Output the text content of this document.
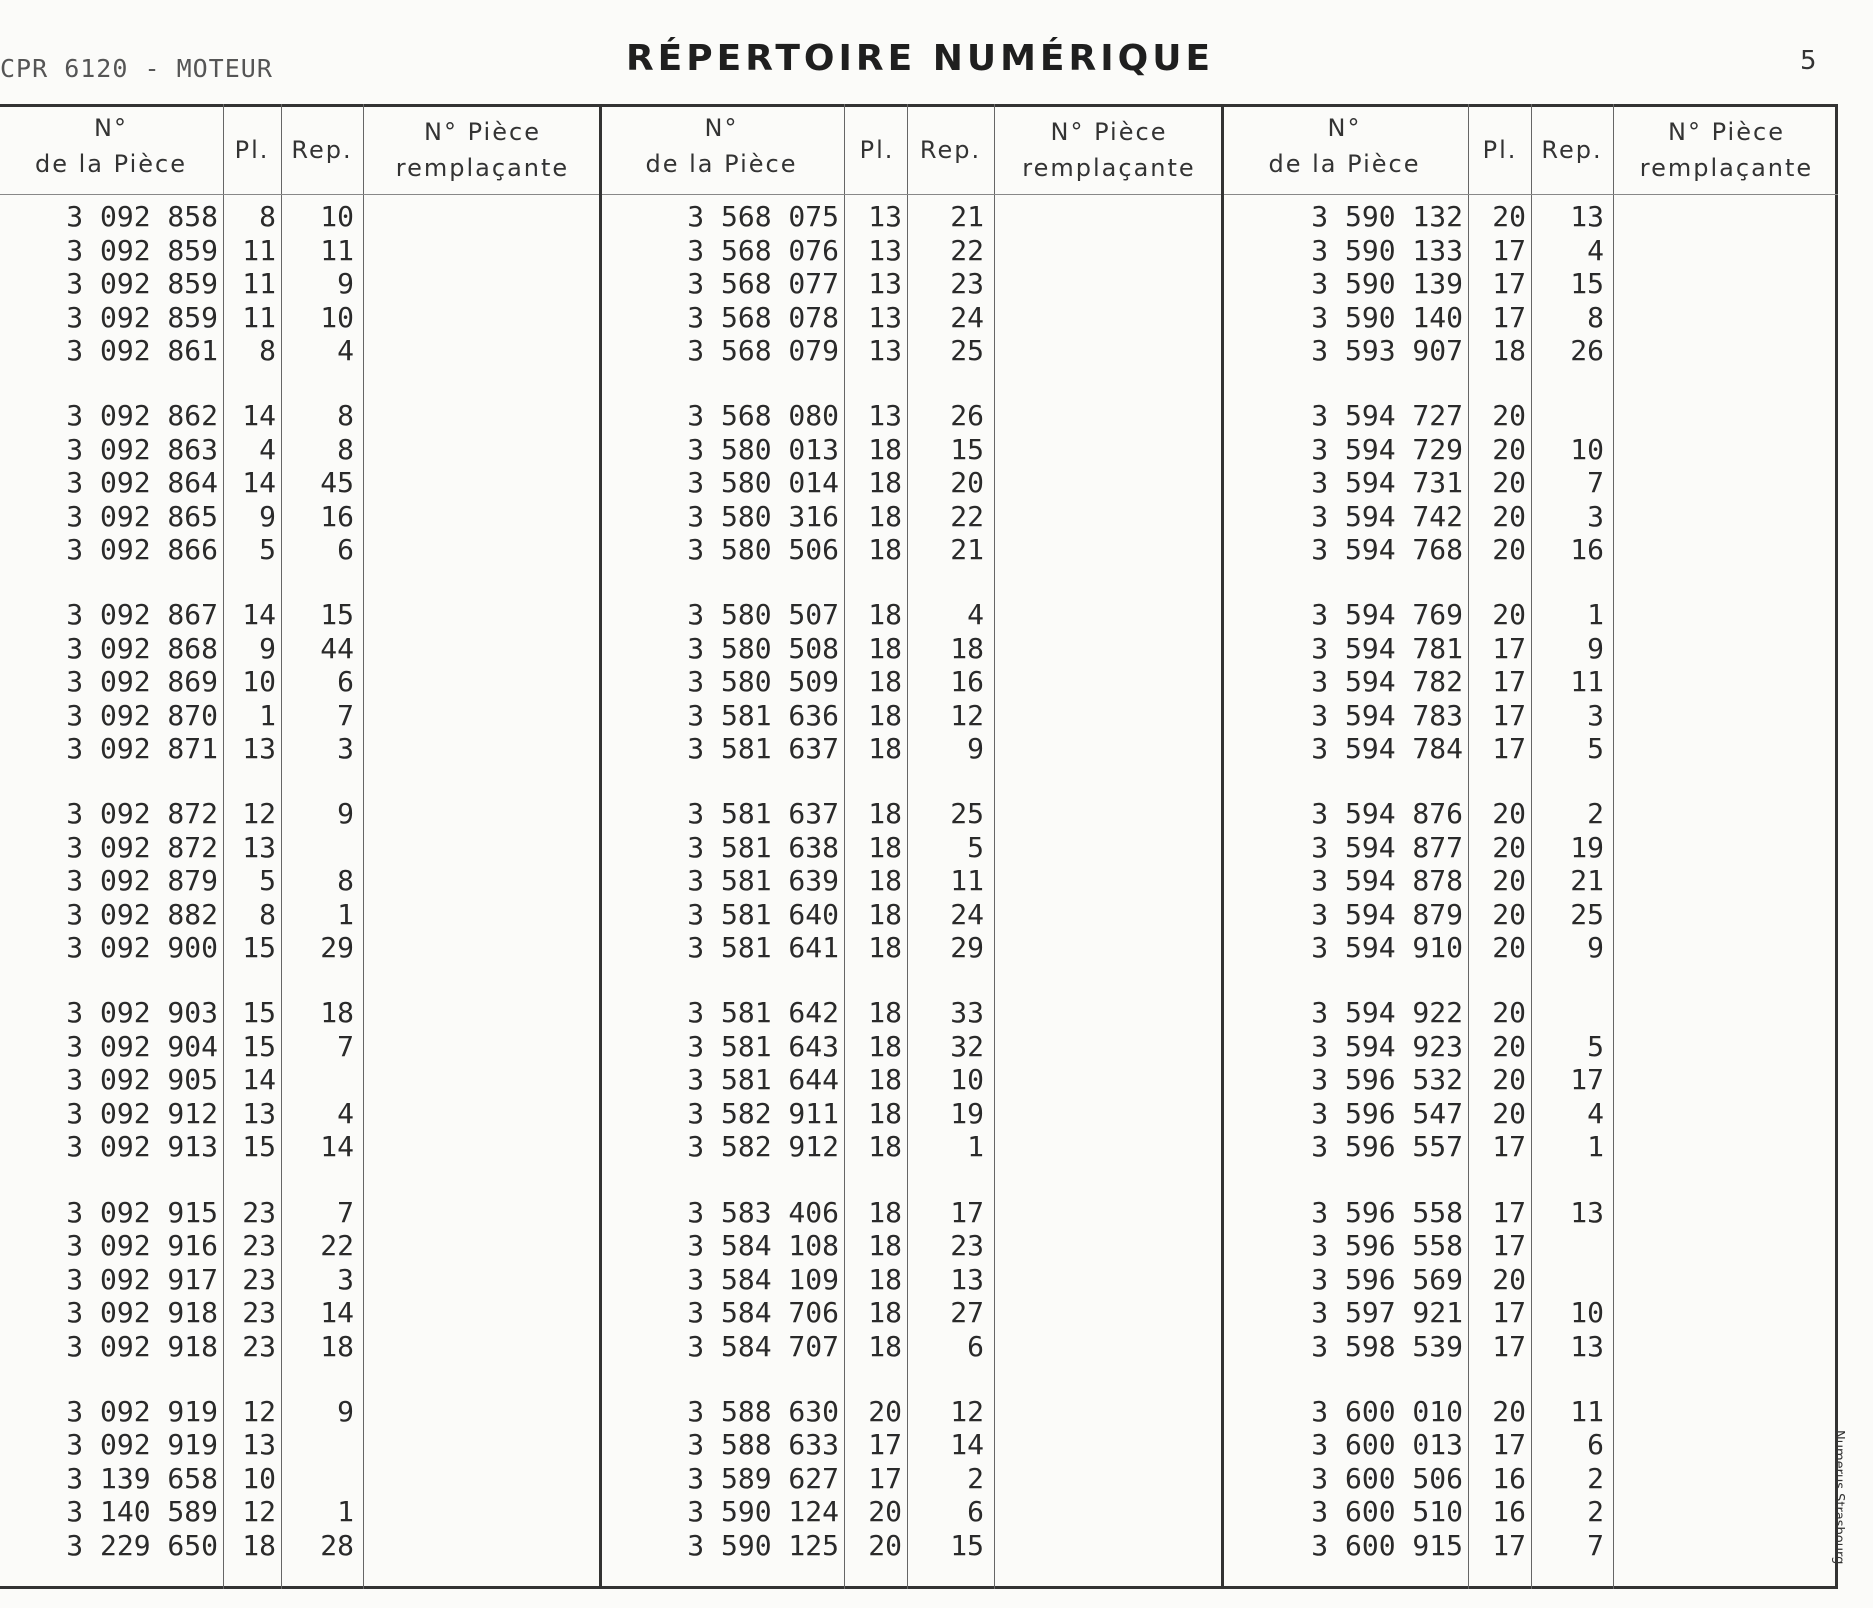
CPR 6120 - MOTEUR	RÉPERTOIRE NUMÉRIQUE	5
N°
de la Pièce	Pl. Rep.
N° Pièce
remplaçante
3 092 858	8	10
3 092 859 11	11
3 092 859 11	9
3 092 859 11	10
3 092 861	8	4
3 092 862 14	8
3 092 863	4	8
3 092 864 14	45
3 092 865	9	16
3 092 866	5	6
3 092 867 14	15
3 092 868	9	44
3 092 869 10	6
3 092 870	1	7
3 092 871 13	3
3 092 872 12	9
3 092 872 13
3 092 879	5	8
3 092 882	8	1
3 092 900 15	29
3 092 903 15	18
3 092 904 15	7
3 092 905 14
3 092 912 13	4
3 092 913 15	14
3 092 915 23	7
3 092 916 23	22
3 092 917 23	3
3 092 918 23	14
3 092 918 23	18
3 092 919 12	9
3 092 919 13
3 139 658 10
3 140 589 12	1
3 229 650 18	28
N°
de la Pièce	Pl.	Rep.
N° Pièce
remplaçante
3 568 075	13	21
3 568 076	13	22
3 568 077	13	23
3 568 078	13	24
3 568 079	13	25
3 568 080	13	26
3 580 013	18	15
3 580 014	18	20
3 580 316	18	22
3 580 506	18	21
3 580 507	18	4
3 580 508	18	18
3 580 509	18	16
3 581 636	18	12
3 581 637	18	9
3 581 637	18	25
3 581 638	18	5
3 581 639	18	11
3 581 640	18	24
3 581 641	18	29
3 581 642	18	33
3 581 643	18	32
3 581 644	18	10
3 582 911	18	19
3 582 912	18	1
3 583 406	18	17
3 584 108	18	23
3 584 109	18	13
3 584 706	18	27
3 584 707	18	6
3 588 630	20	12
3 588 633	17	14
3 589 627	17	2
3 590 124	20	6
3 590 125	20	15
N°
de la Pièce	Pl. Rep.
N° Pièce
remplaçante
3 590 132	20	13
3 590 133	17	4
3 590 139	17	15
3 590 140	17	8
3 593 907	18	26
3 594 727	20
3 594 729	20	10
3 594 731	20	7
3 594 742	20	3
3 594 768	20	16
3 594 769	20	1
3 594 781	17	9
3 594 782	17	11
3 594 783	17	3
3 594 784	17	5
3 594 876	20	2
3 594 877	20	19
3 594 878	20	21
3 594 879	20	25
3 594 910	20	9
3 594 922	20
3 594 923	20	5
3 596 532	20	17
3 596 547	20	4
3 596 557	17	1
3 596 558	17	13
3 596 558	17
3 596 569	20
3 597 921	17	10
3 598 539	17	13
3 600 010	20	11
3 600 013	17	6
3 600 506	16	2
3 600 510	16	2
3 600 915	17	7	Numerus Strasbourg
